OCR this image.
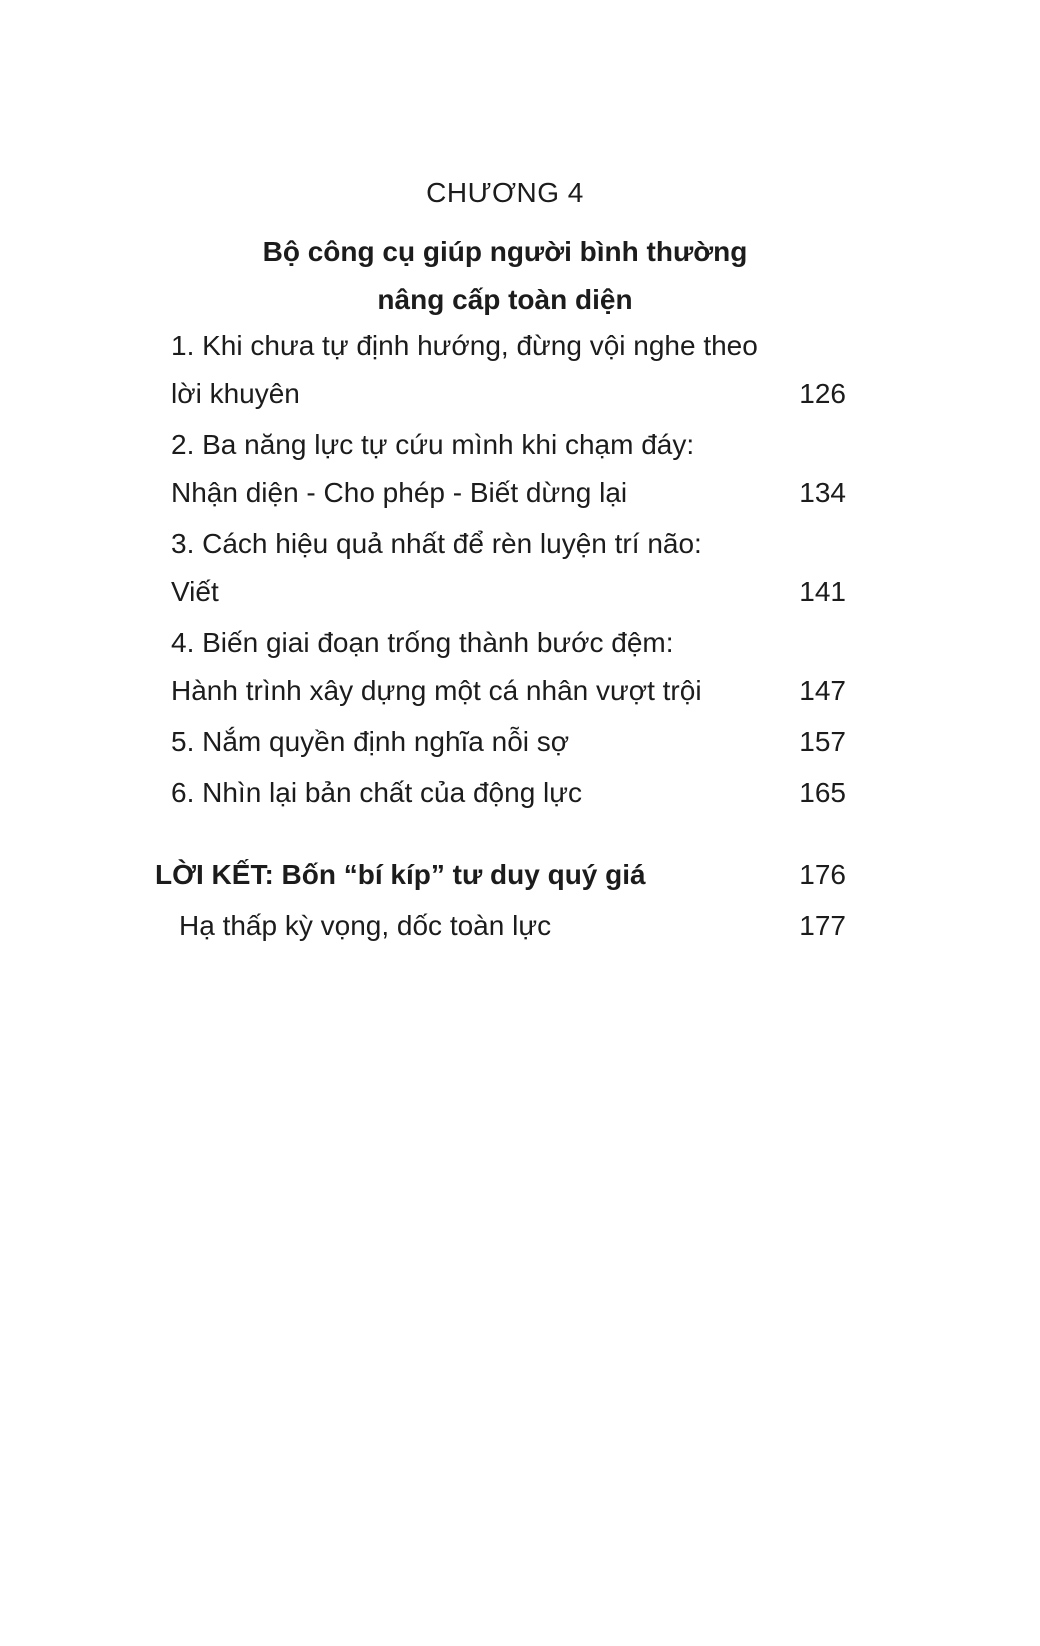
CHƯƠNG 4
Bộ công cụ giúp người bình thường
nâng cấp toàn diện
1. Khi chưa tự định hướng, đừng vội nghe theo
lời khuyên	126
2. Ba năng lực tự cứu mình khi chạm đáy:
Nhận diện - Cho phép - Biết dừng lại	134
3. Cách hiệu quả nhất để rèn luyện trí não:
Viết	141
4. Biến giai đoạn trống thành bước đệm:
Hành trình xây dựng một cá nhân vượt trội	147
5. Nắm quyền định nghĩa nỗi sợ	157
6. Nhìn lại bản chất của động lực	165
LỜI KẾT: Bốn “bí kíp” tư duy quý giá	176
Hạ thấp kỳ vọng, dốc toàn lực	177
